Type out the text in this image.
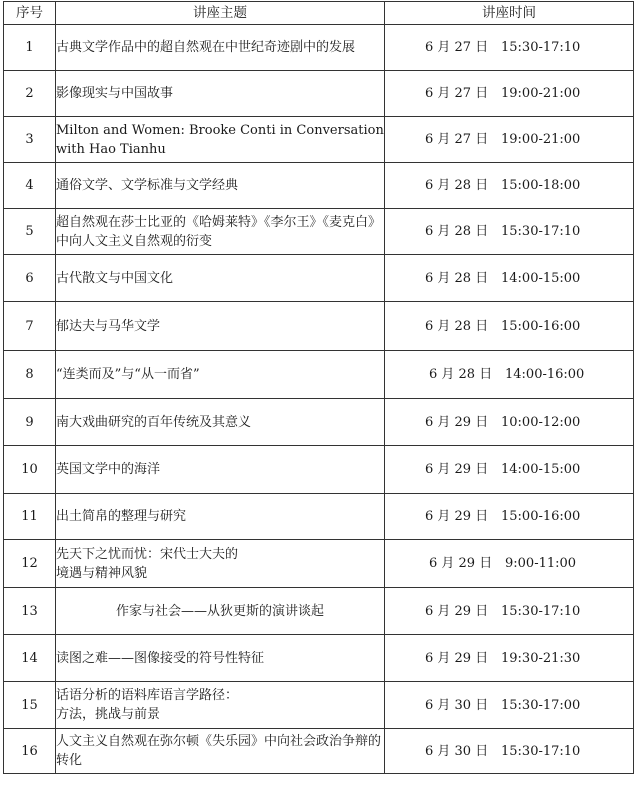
序号	讲座主题	讲座时间
1	古典文学作品中的超自然观在中世纪奇迹剧中的发展	6 月 27 日 15:30-17:10
2	影像现实与中国故事	6 月 27 日 19:00-21:00
3	Milton and Women: Brooke Conti in Conversation with Hao Tianhu	6 月 27 日 19:00-21:00
4	通俗文学、文学标准与文学经典	6 月 28 日 15:00-18:00
5	超自然观在莎士比亚的《哈姆莱特》《李尔王》《麦克白》中向人文主义自然观的衍变	6 月 28 日 15:30-17:10
6	古代散文与中国文化	6 月 28 日 14:00-15:00
7	郁达夫与马华文学	6 月 28 日 15:00-16:00
8	“连类而及”与“从一而省”	6 月 28 日 14:00-16:00
9	南大戏曲研究的百年传统及其意义	6 月 29 日 10:00-12:00
10	英国文学中的海洋	6 月 29 日 14:00-15:00
11	出土简帛的整理与研究	6 月 29 日 15:00-16:00
12	先天下之忧而忧：宋代士大夫的
境遇与精神风貌	6 月 29 日 9:00-11:00
13	作家与社会——从狄更斯的演讲谈起	6 月 29 日 15:30-17:10
14	读图之难——图像接受的符号性特征	6 月 29 日 19:30-21:30
15	话语分析的语料库语言学路径：
方法，挑战与前景	6 月 30 日 15:30-17:00
16	人文主义自然观在弥尔顿《失乐园》中向社会政治争辩的转化	6 月 30 日 15:30-17:10
